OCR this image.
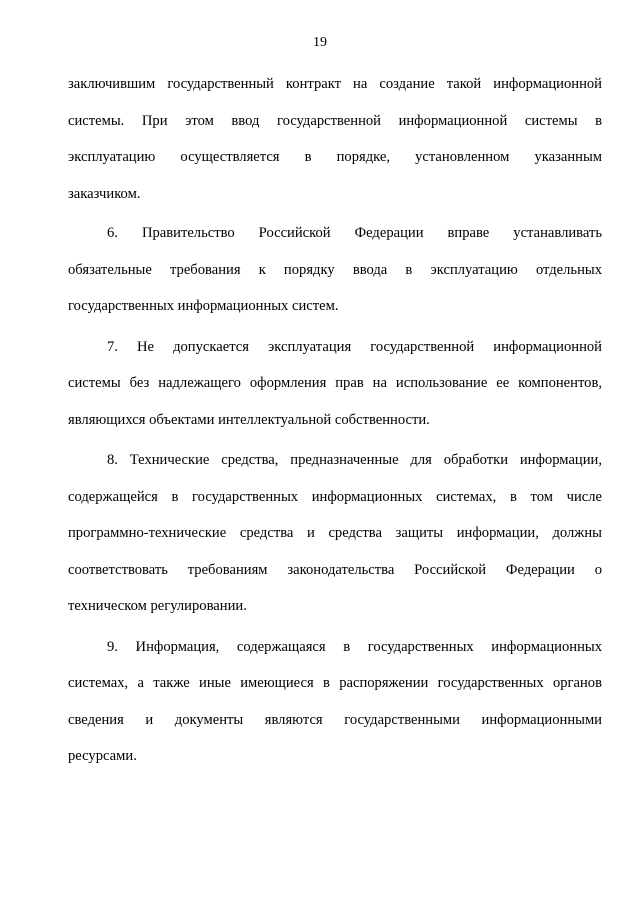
19
заключившим государственный контракт на создание такой информационной
системы. При этом ввод государственной информационной системы в
эксплуатацию осуществляется в порядке, установленном указанным
заказчиком.
6. Правительство Российской Федерации вправе устанавливать
обязательные требования к порядку ввода в эксплуатацию отдельных
государственных информационных систем.
7. Не допускается эксплуатация государственной информационной
системы без надлежащего оформления прав на использование ее компонентов,
являющихся объектами интеллектуальной собственности.
8. Технические средства, предназначенные для обработки информации,
содержащейся в государственных информационных системах, в том числе
программно-технические средства и средства защиты информации, должны
соответствовать требованиям законодательства Российской Федерации о
техническом регулировании.
9. Информация, содержащаяся в государственных информационных
системах, а также иные имеющиеся в распоряжении государственных органов
сведения и документы являются государственными информационными
ресурсами.
